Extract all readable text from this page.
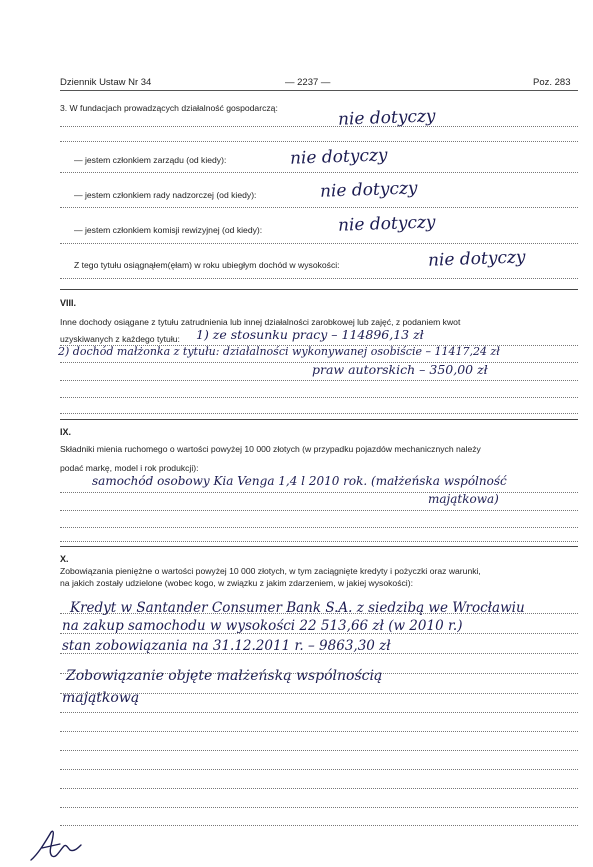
Dziennik Ustaw Nr 34	— 2237 —	Poz. 283
3. W fundacjach prowadzących działalność gospodarczą:	nie dotyczy
— jestem członkiem zarządu (od kiedy):	nie dotyczy
— jestem członkiem rady nadzorczej (od kiedy):	nie dotyczy
— jestem członkiem komisji rewizyjnej (od kiedy):	nie dotyczy
Z tego tytułu osiągnąłem(ęłam) w roku ubiegłym dochód w wysokości:	nie dotyczy
VIII.
Inne dochody osiągane z tytułu zatrudnienia lub innej działalności zarobkowej lub zajęć, z podaniem kwot
uzyskiwanych z każdego tytułu: 1) ze stosunku pracy – 114896,13 zł
2) dochód małżonka z tytułu: działalności wykonywanej osobiście – 11417,24 zł
praw autorskich – 350,00 zł
IX.
Składniki mienia ruchomego o wartości powyżej 10 000 złotych (w przypadku pojazdów mechanicznych należy
podać markę, model i rok produkcji):
samochód osobowy Kia Venga 1,4 l 2010 rok. (małżeńska wspólność
majątkowa)
X.
Zobowiązania pieniężne o wartości powyżej 10 000 złotych, w tym zaciągnięte kredyty i pożyczki oraz warunki,
na jakich zostały udzielone (wobec kogo, w związku z jakim zdarzeniem, w jakiej wysokości):
Kredyt w Santander Consumer Bank S.A. z siedzibą we Wrocławiu
na zakup samochodu w wysokości 22 513,66 zł (w 2010 r.)
stan zobowiązania na 31.12.2011 r. – 9863,30 zł
Zobowiązanie objęte małżeńską wspólnością
majątkową
